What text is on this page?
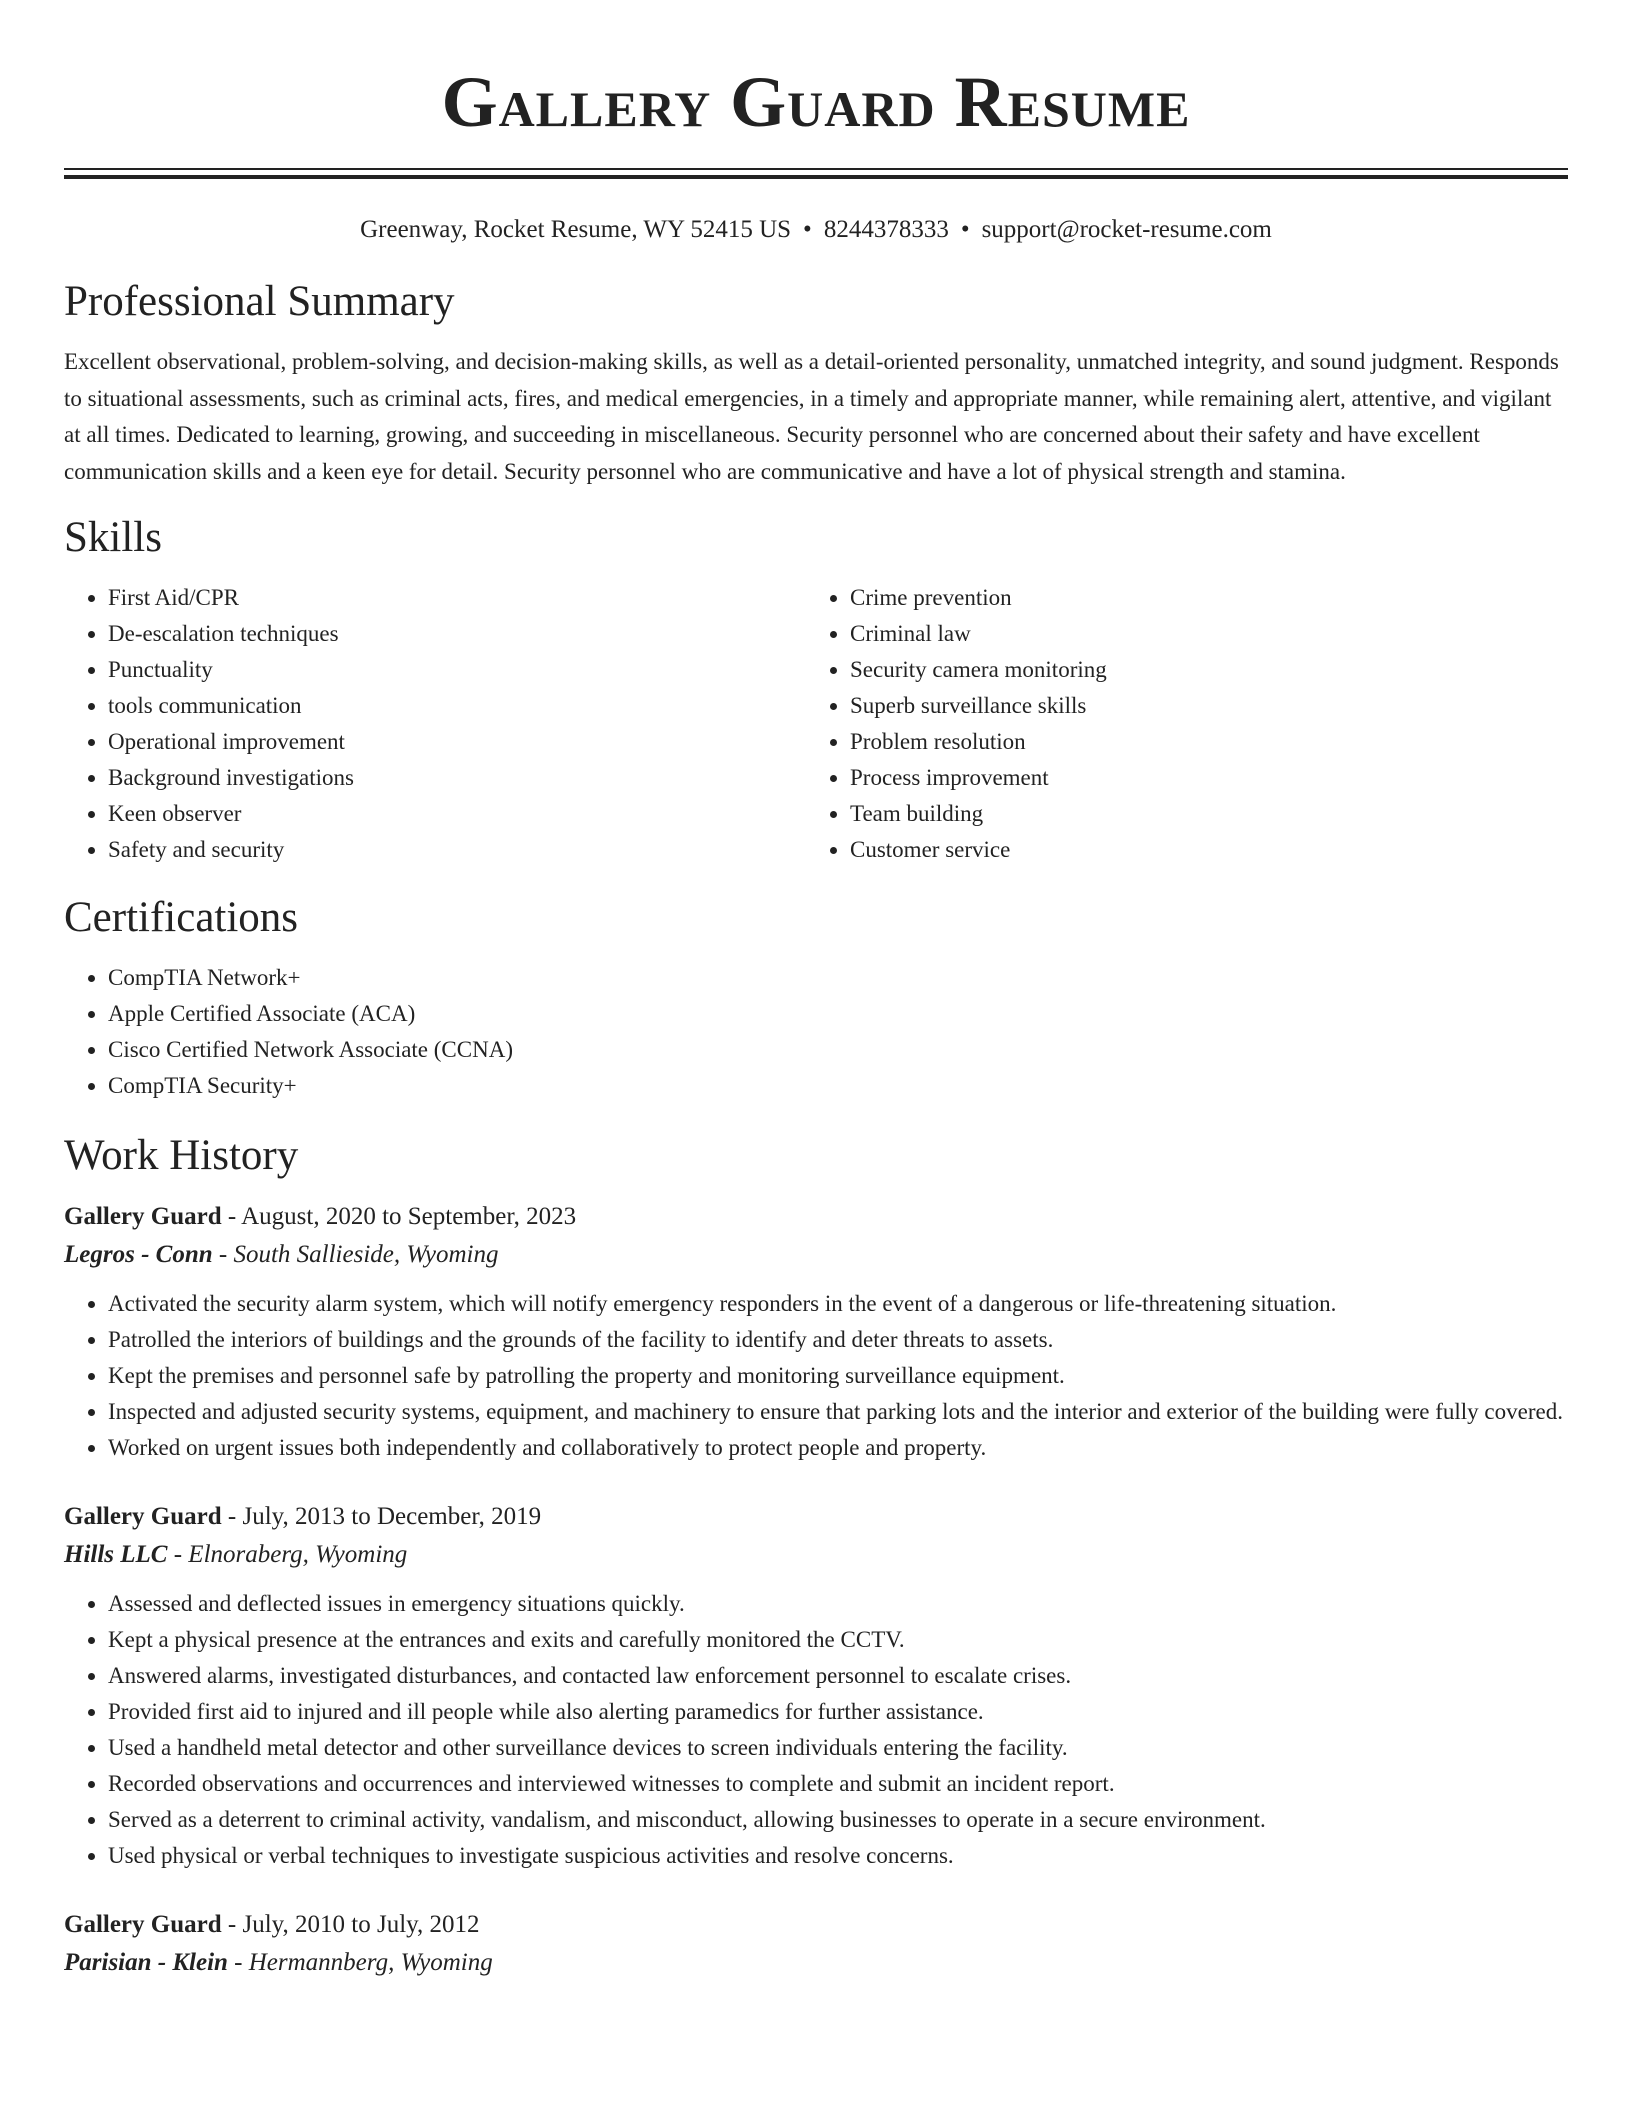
Gallery Guard Resume
Greenway, Rocket Resume, WY 52415 US • 8244378333 • support@rocket-resume.com
Professional Summary

Excellent observational, problem-solving, and decision-making skills, as well as a detail-oriented personality, unmatched integrity, and sound judgment. Responds to situational assessments, such as criminal acts, fires, and medical emergencies, in a timely and appropriate manner, while remaining alert, attentive, and vigilant at all times. Dedicated to learning, growing, and succeeding in miscellaneous. Security personnel who are concerned about their safety and have excellent communication skills and a keen eye for detail. Security personnel who are communicative and have a lot of physical strength and stamina.

Skills
• First Aid/CPR
• De-escalation techniques
• Punctuality
• tools communication
• Operational improvement
• Background investigations
• Keen observer
• Safety and security
• Crime prevention
• Criminal law
• Security camera monitoring
• Superb surveillance skills
• Problem resolution
• Process improvement
• Team building
• Customer service
Certifications
• CompTIA Network+
• Apple Certified Associate (ACA)
• Cisco Certified Network Associate (CCNA)
• CompTIA Security+
Work History
Gallery Guard - August, 2020 to September, 2023
Legros - Conn - South Sallieside, Wyoming
• Activated the security alarm system, which will notify emergency responders in the event of a dangerous or life-threatening situation.
• Patrolled the interiors of buildings and the grounds of the facility to identify and deter threats to assets.
• Kept the premises and personnel safe by patrolling the property and monitoring surveillance equipment.
• Inspected and adjusted security systems, equipment, and machinery to ensure that parking lots and the interior and exterior of the building were fully covered.
• Worked on urgent issues both independently and collaboratively to protect people and property.
Gallery Guard - July, 2013 to December, 2019
Hills LLC - Elnoraberg, Wyoming
• Assessed and deflected issues in emergency situations quickly.
• Kept a physical presence at the entrances and exits and carefully monitored the CCTV.
• Answered alarms, investigated disturbances, and contacted law enforcement personnel to escalate crises.
• Provided first aid to injured and ill people while also alerting paramedics for further assistance.
• Used a handheld metal detector and other surveillance devices to screen individuals entering the facility.
• Recorded observations and occurrences and interviewed witnesses to complete and submit an incident report.
• Served as a deterrent to criminal activity, vandalism, and misconduct, allowing businesses to operate in a secure environment.
• Used physical or verbal techniques to investigate suspicious activities and resolve concerns.
Gallery Guard - July, 2010 to July, 2012
Parisian - Klein - Hermannberg, Wyoming
